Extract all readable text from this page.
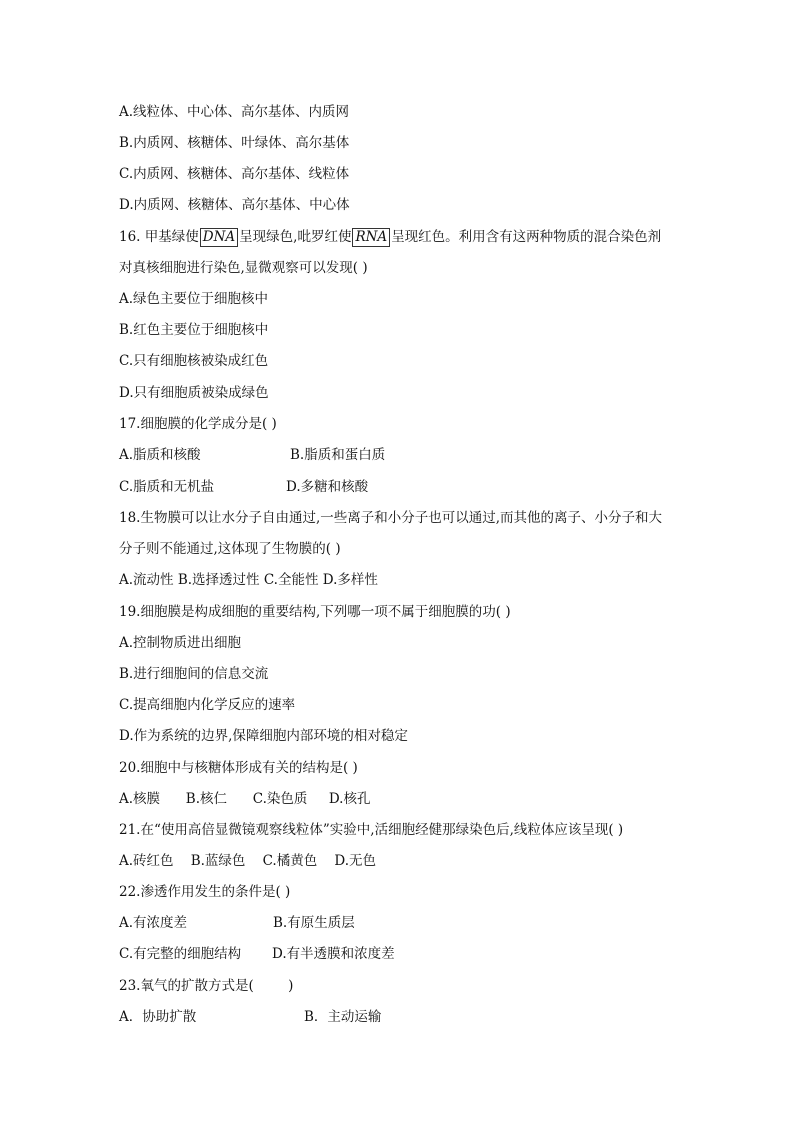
A.线粒体、中心体、高尔基体、内质网
B.内质网、核糖体、叶绿体、高尔基体
C.内质网、核糖体、高尔基体、线粒体
D.内质网、核糖体、高尔基体、中心体
16. 甲基绿使 DNA 呈现绿色,吡罗红使 RNA 呈现红色。利用含有这两种物质的混合染色剂
对真核细胞进行染色,显微观察可以发现( )
A.绿色主要位于细胞核中
B.红色主要位于细胞核中
C.只有细胞核被染成红色
D.只有细胞质被染成绿色
17.细胞膜的化学成分是( )
A.脂质和核酸	B.脂质和蛋白质
C.脂质和无机盐	D.多糖和核酸
18.生物膜可以让水分子自由通过,一些离子和小分子也可以通过,而其他的离子、小分子和大
分子则不能通过,这体现了生物膜的( )
A.流动性 B.选择透过性 C.全能性 D.多样性
19.细胞膜是构成细胞的重要结构,下列哪一项不属于细胞膜的功( )
A.控制物质进出细胞
B.进行细胞间的信息交流
C.提高细胞内化学反应的速率
D.作为系统的边界,保障细胞内部环境的相对稳定
20.细胞中与核糖体形成有关的结构是( )
A.核膜      B.核仁      C.染色质     D.核孔
21.在“使用高倍显微镜观察线粒体”实验中,活细胞经健那绿染色后,线粒体应该呈现( )
A.砖红色    B.蓝绿色    C.橘黄色    D.无色
22.渗透作用发生的条件是( )
A.有浓度差	B.有原生质层
C.有完整的细胞结构 D.有半透膜和浓度差
23.氧气的扩散方式是(        )
A．协助扩散	B．主动运输
